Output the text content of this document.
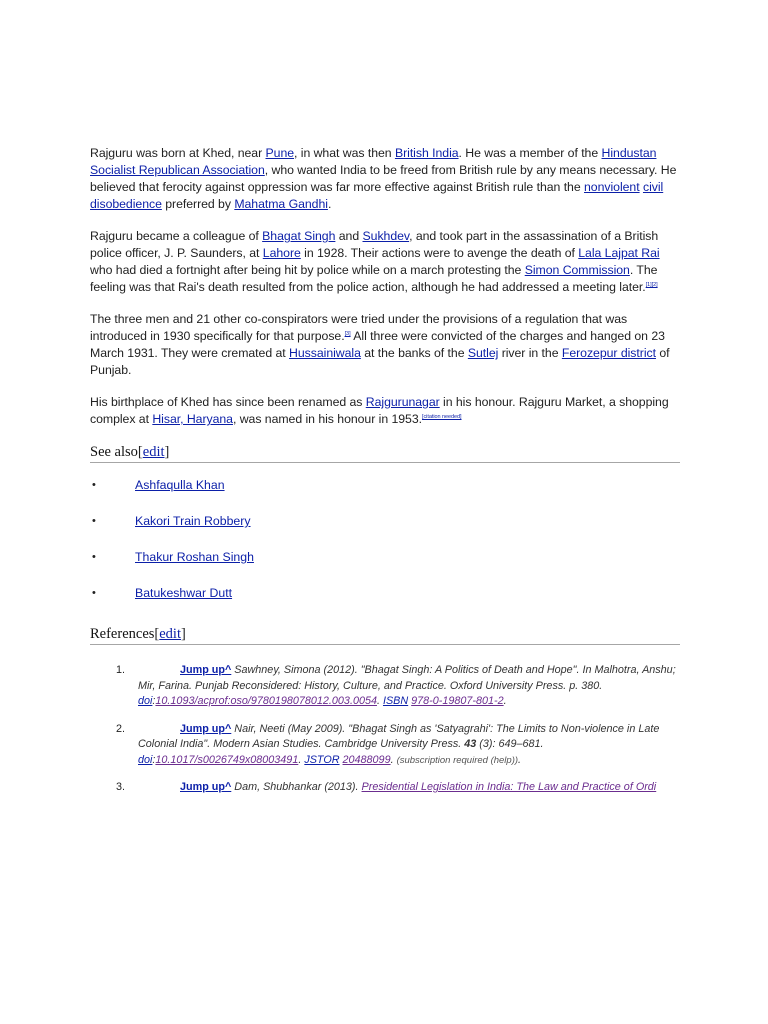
Rajguru was born at Khed, near Pune, in what was then British India. He was a member of the Hindustan Socialist Republican Association, who wanted India to be freed from British rule by any means necessary. He believed that ferocity against oppression was far more effective against British rule than the nonviolent civil disobedience preferred by Mahatma Gandhi.

Rajguru became a colleague of Bhagat Singh and Sukhdev, and took part in the assassination of a British police officer, J. P. Saunders, at Lahore in 1928. Their actions were to avenge the death of Lala Lajpat Rai who had died a fortnight after being hit by police while on a march protesting the Simon Commission. The feeling was that Rai's death resulted from the police action, although he had addressed a meeting later.[1][2]

The three men and 21 other co-conspirators were tried under the provisions of a regulation that was introduced in 1930 specifically for that purpose.[3] All three were convicted of the charges and hanged on 23 March 1931. They were cremated at Hussainiwala at the banks of the Sutlej river in the Ferozepur district of Punjab.

His birthplace of Khed has since been renamed as Rajgurunagar in his honour. Rajguru Market, a shopping complex at Hisar, Haryana, was named in his honour in 1953.[citation needed]

See also[edit]
•	Ashfaqulla Khan
•	Kakori Train Robbery
•	Thakur Roshan Singh
•	Batukeshwar Dutt
References[edit]
1.	Jump up^ Sawhney, Simona (2012). "Bhagat Singh: A Politics of Death and Hope". In Malhotra, Anshu; Mir, Farina. Punjab Reconsidered: History, Culture, and Practice. Oxford University Press. p. 380. doi:10.1093/acprof:oso/9780198078012.003.0054. ISBN 978-0-19807-801-2.
2.	Jump up^ Nair, Neeti (May 2009). "Bhagat Singh as 'Satyagrahi': The Limits to Non-violence in Late Colonial India". Modern Asian Studies. Cambridge University Press. 43 (3): 649–681. doi:10.1017/s0026749x08003491. JSTOR 20488099. (subscription required (help)).
3.	Jump up^ Dam, Shubhankar (2013). Presidential Legislation in India: The Law and Practice of Ordi
